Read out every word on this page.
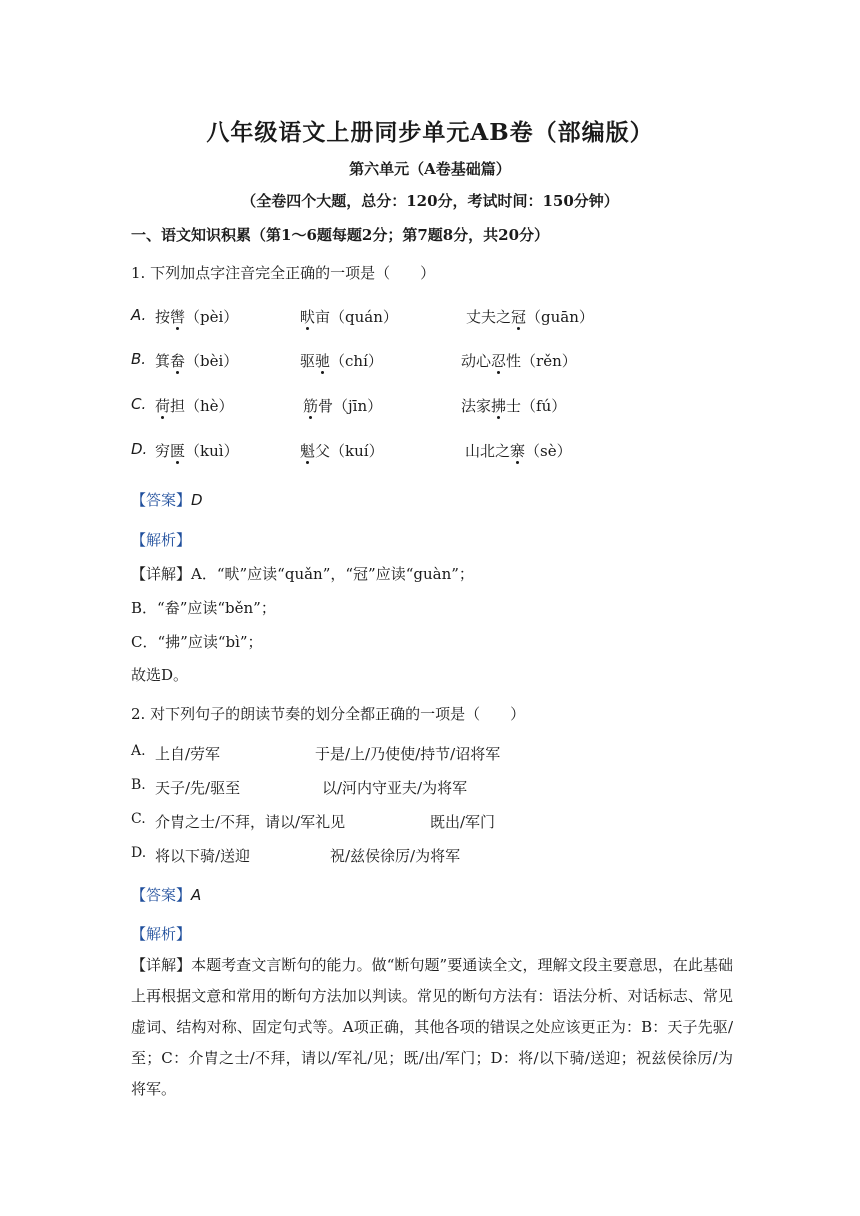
八年级语文上册同步单元AB卷（部编版）
第六单元（A卷基础篇）
（全卷四个大题，总分：120分，考试时间：150分钟）
一、语文知识积累（第1～6题每题2分；第7题8分，共20分）
1. 下列加点字注音完全正确的一项是（　　）
A. 按辔（pèi）	畎亩（quán）	丈夫之冠（guān）
B. 箕畚（bèi）	驱驰（chí）	动心忍性（rěn）
C. 荷担（hè）	筋骨（jīn）	法家拂士（fú）
D. 穷匮（kuì）	魁父（kuí）	山北之寨（sè）
【答案】D
【解析】
【详解】A．“畎”应读“quǎn”，“冠”应读“guàn”；
B．“畚”应读“běn”；
C．“拂”应读“bì”；
故选D。
2. 对下列句子的朗读节奏的划分全都正确的一项是（　　）
A. 上自/劳军	于是/上/乃使使/持节/诏将军
B. 天子/先/驱至	以/河内守亚夫/为将军
C. 介胄之士/不拜，请以/军礼见	既出/军门
D. 将以下骑/送迎	祝/兹侯徐厉/为将军
【答案】A
【解析】
【详解】本题考查文言断句的能力。做“断句题”要通读全文，理解文段主要意思，在此基础上再根据文意和常用的断句方法加以判读。常见的断句方法有：语法分析、对话标志、常见虚词、结构对称、固定句式等。A项正确，其他各项的错误之处应该更正为：B：天子先驱/至；C：介胄之士/不拜，请以/军礼/见；既/出/军门；D：将/以下骑/送迎；祝兹侯徐厉/为将军。
